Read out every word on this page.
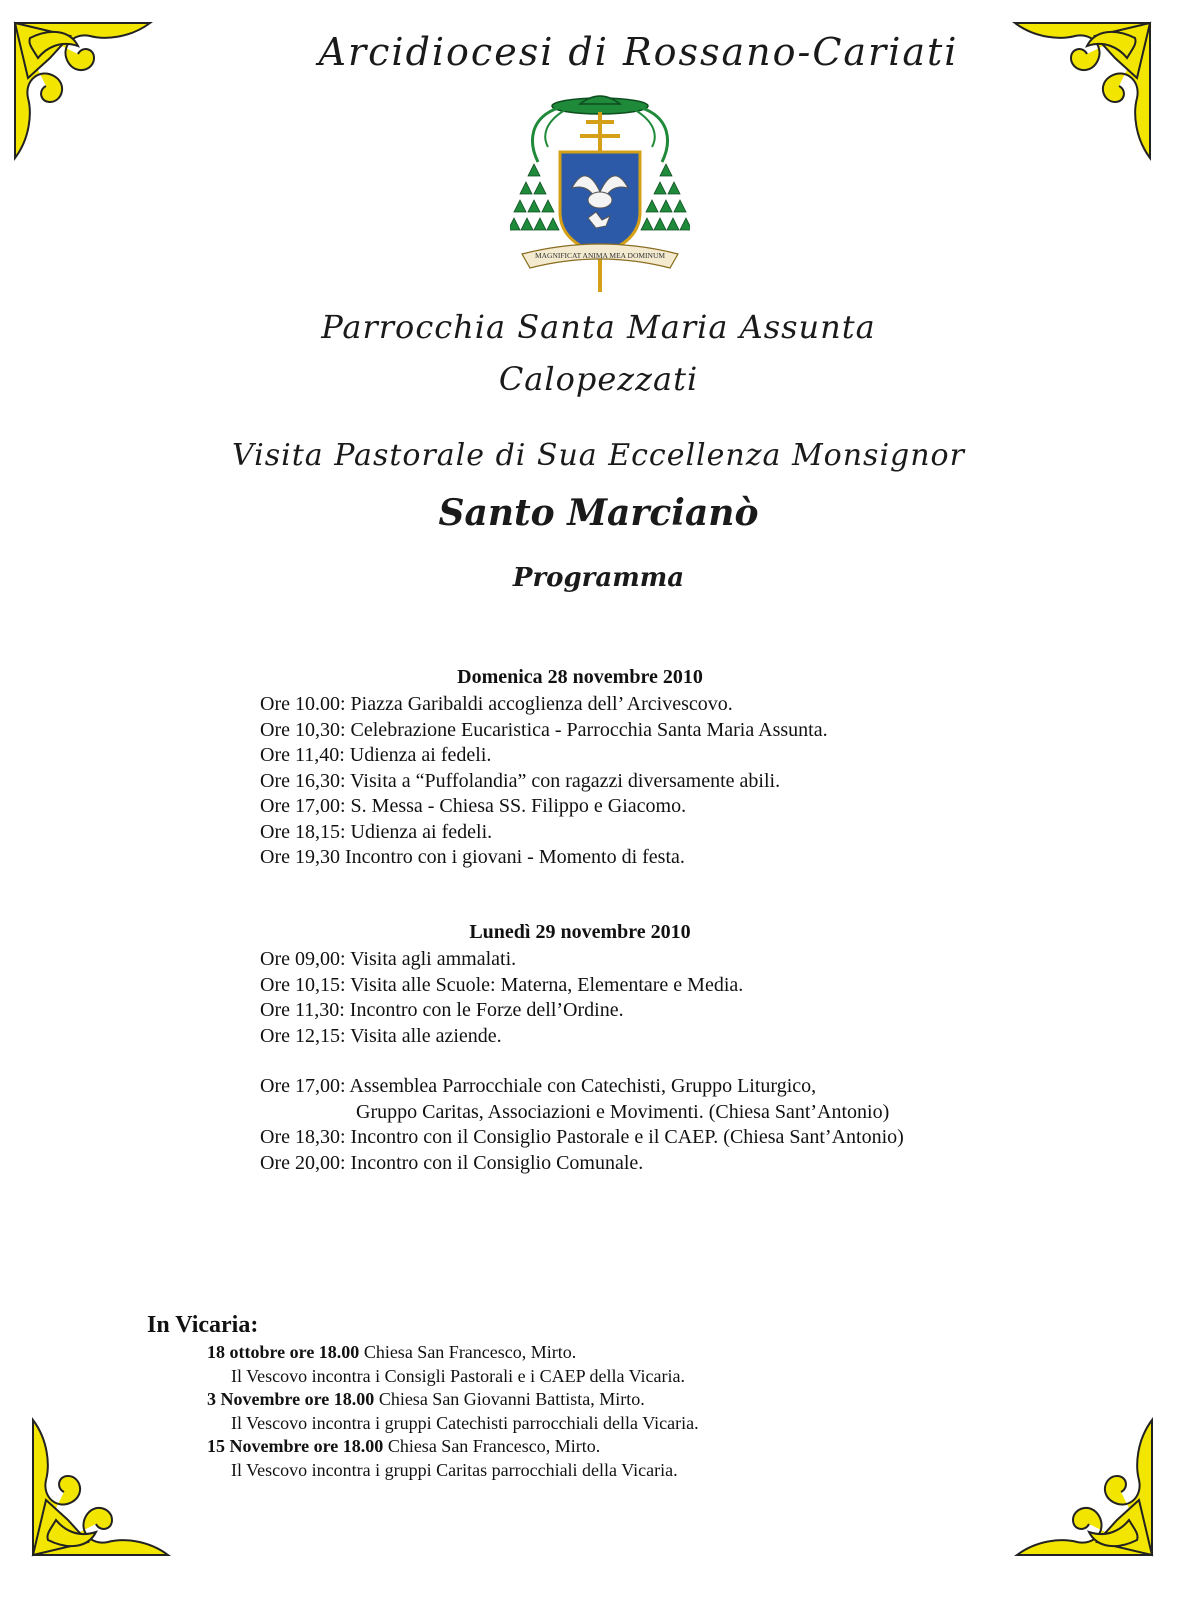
Arcidiocesi di Rossano-Cariati
MAGNIFICAT ANIMA MEA DOMINUM
Parrocchia Santa Maria Assunta
Calopezzati
Visita Pastorale di Sua Eccellenza Monsignor
Santo Marcianò
Programma
Domenica 28 novembre 2010
Ore 10.00: Piazza Garibaldi accoglienza dell’ Arcivescovo.
Ore 10,30: Celebrazione Eucaristica - Parrocchia Santa Maria Assunta.
Ore 11,40: Udienza ai fedeli.
Ore 16,30: Visita a “Puffolandia” con ragazzi diversamente abili.
Ore 17,00: S. Messa - Chiesa SS. Filippo e Giacomo.
Ore 18,15: Udienza ai fedeli.
Ore 19,30 Incontro con i giovani - Momento di festa.
Lunedì 29 novembre 2010
Ore 09,00: Visita agli ammalati.
Ore 10,15: Visita alle Scuole: Materna, Elementare e Media.
Ore 11,30: Incontro con le Forze dell’Ordine.
Ore 12,15: Visita alle aziende.
Ore 17,00: Assemblea Parrocchiale con Catechisti, Gruppo Liturgico,
Gruppo Caritas, Associazioni e Movimenti. (Chiesa Sant’Antonio)
Ore 18,30: Incontro con il Consiglio Pastorale e il CAEP. (Chiesa Sant’Antonio)
Ore 20,00: Incontro con il Consiglio Comunale.
In Vicaria:
18 ottobre ore 18.00 Chiesa San Francesco, Mirto.
Il Vescovo incontra i Consigli Pastorali e i CAEP della Vicaria.
3 Novembre ore 18.00 Chiesa San Giovanni Battista, Mirto.
Il Vescovo incontra i gruppi Catechisti parrocchiali della Vicaria.
15 Novembre ore 18.00 Chiesa San Francesco, Mirto.
Il Vescovo incontra i gruppi Caritas parrocchiali della Vicaria.
